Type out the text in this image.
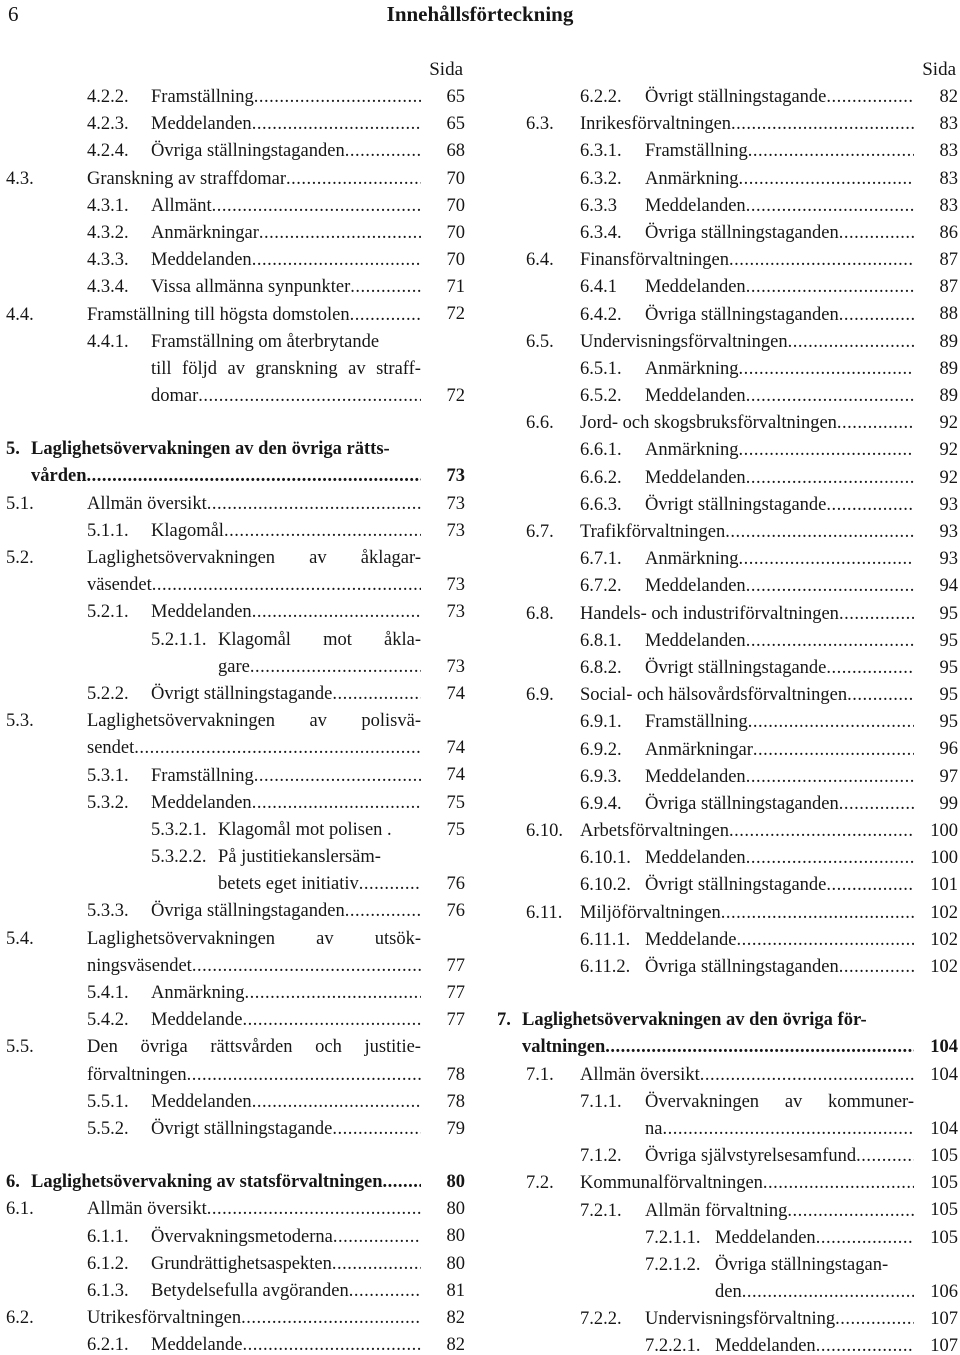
6	Innehållsförteckning
Sida
4.2.2. Framställning .....	65
4.2.3. Meddelanden .....	65
4.2.4. Övriga ställningstaganden .....	68
4.3.	Granskning av straffdomar .....	70
4.3.1. Allmänt .....	70
4.3.2. Anmärkningar .....	70
4.3.3. Meddelanden .....	70
4.3.4. Vissa allmänna synpunkter .....	71
4.4.	Framställning till högsta domstolen .....	72
4.4.1. Framställning om återbrytande
till följd av granskning av straff-
domar .....	72
5. Laglighetsövervakningen av den övriga rätts-
vården .....	73
5.1.	Allmän översikt .....	73
5.1.1. Klagomål .....	73
5.2.	Laglighetsövervakningen av åklagar-
väsendet .....	73
5.2.1. Meddelanden .....	73
5.2.1.1. Klagomål mot åkla-
gare .....	73
5.2.2. Övrigt ställningstagande .....	74
5.3.	Laglighetsövervakningen av polisvä-
sendet .....	74
5.3.1. Framställning .....	74
5.3.2. Meddelanden .....	75
5.3.2.1. Klagomål mot polisen .	75
5.3.2.2. På justitiekanslersäm-
betets eget initiativ .....	76
5.3.3. Övriga ställningstaganden .....	76
5.4.	Laglighetsövervakningen av utsök-
ningsväsendet .....	77
5.4.1. Anmärkning .....	77
5.4.2. Meddelande .....	77
5.5.	Den övriga rättsvården och justitie-
förvaltningen .....	78
5.5.1. Meddelanden .....	78
5.5.2. Övrigt ställningstagande .....	79
6. Laglighetsövervakning av statsförvaltningen .....	80
6.1.	Allmän översikt .....	80
6.1.1. Övervakningsmetoderna .....	80
6.1.2. Grundrättighetsaspekten .....	80
6.1.3. Betydelsefulla avgöranden .....	81
6.2.	Utrikesförvaltningen .....	82
6.2.1. Meddelande .....	82
Sida
6.2.2. Övrigt ställningstagande .....	82
6.3. Inrikesförvaltningen .....	83
6.3.1. Framställning .....	83
6.3.2. Anmärkning .....	83
6.3.3 Meddelanden .....	83
6.3.4. Övriga ställningstaganden .....	86
6.4. Finansförvaltningen .....	87
6.4.1 Meddelanden .....	87
6.4.2. Övriga ställningstaganden .....	88
6.5. Undervisningsförvaltningen .....	89
6.5.1. Anmärkning .....	89
6.5.2. Meddelanden .....	89
6.6. Jord- och skogsbruksförvaltningen .....	92
6.6.1. Anmärkning .....	92
6.6.2. Meddelanden .....	92
6.6.3. Övrigt ställningstagande .....	93
6.7. Trafikförvaltningen .....	93
6.7.1. Anmärkning .....	93
6.7.2. Meddelanden .....	94
6.8. Handels- och industriförvaltningen .....	95
6.8.1. Meddelanden .....	95
6.8.2. Övrigt ställningstagande .....	95
6.9. Social- och hälsovårdsförvaltningen .....	95
6.9.1. Framställning .....	95
6.9.2. Anmärkningar .....	96
6.9.3. Meddelanden .....	97
6.9.4. Övriga ställningstaganden .....	99
6.10. Arbetsförvaltningen .....	100
6.10.1. Meddelanden .....	100
6.10.2. Övrigt ställningstagande .....	101
6.11. Miljöförvaltningen .....	102
6.11.1. Meddelande .....	102
6.11.2. Övriga ställningstaganden .....	102
7. Laglighetsövervakningen av den övriga för-
valtningen .....	104
7.1. Allmän översikt .....	104
7.1.1. Övervakningen av kommuner-
na .....	104
7.1.2. Övriga självstyrelsesamfund .....	105
7.2. Kommunalförvaltningen .....	105
7.2.1. Allmän förvaltning .....	105
7.2.1.1. Meddelanden .....	105
7.2.1.2. Övriga ställningstagan-
den .....	106
7.2.2. Undervisningsförvaltning .....	107
7.2.2.1. Meddelanden .....	107
